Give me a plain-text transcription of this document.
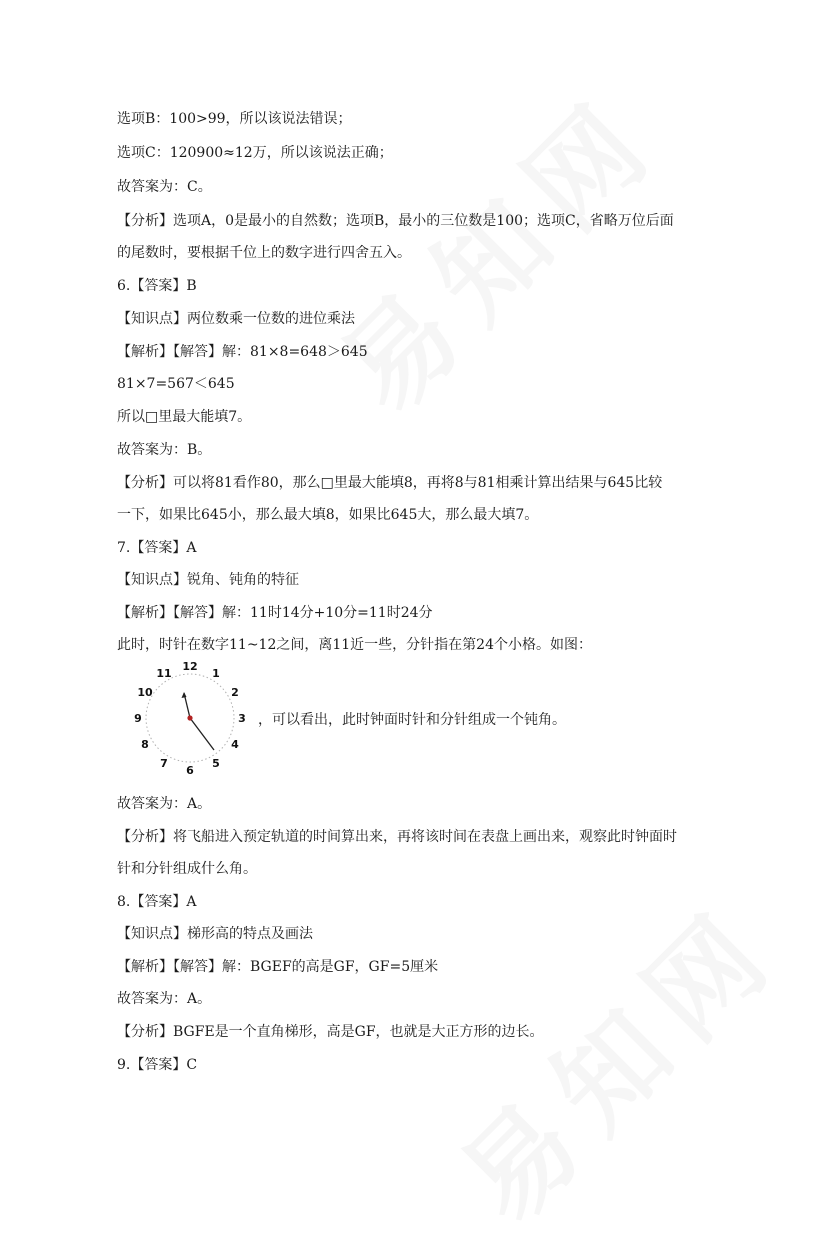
选项B：100>99，所以该说法错误；
选项C：120900≈12万，所以该说法正确；
故答案为：C。
【分析】选项A，0是最小的自然数；选项B，最小的三位数是100；选项C，省略万位后面
的尾数时，要根据千位上的数字进行四舍五入。
6.【答案】B
【知识点】两位数乘一位数的进位乘法
【解析】【解答】解：81×8=648＞645
81×7=567＜645
所以□里最大能填7。
故答案为：B。
【分析】可以将81看作80，那么□里最大能填8，再将8与81相乘计算出结果与645比较
一下，如果比645小，那么最大填8，如果比645大，那么最大填7。
7.【答案】A
【知识点】锐角、钝角的特征
【解析】【解答】解：11时14分+10分=11时24分
此时，时针在数字11~12之间，离11近一些，分针指在第24个小格。如图：
12
1
2
3
4
5
6
7
8
9
10
11
，可以看出，此时钟面时针和分针组成一个钝角。
故答案为：A。
【分析】将飞船进入预定轨道的时间算出来，再将该时间在表盘上画出来，观察此时钟面时
针和分针组成什么角。
8.【答案】A
【知识点】梯形高的特点及画法
【解析】【解答】解：BGEF的高是GF，GF=5厘米
故答案为：A。
【分析】BGFE是一个直角梯形，高是GF，也就是大正方形的边长。
9.【答案】C
